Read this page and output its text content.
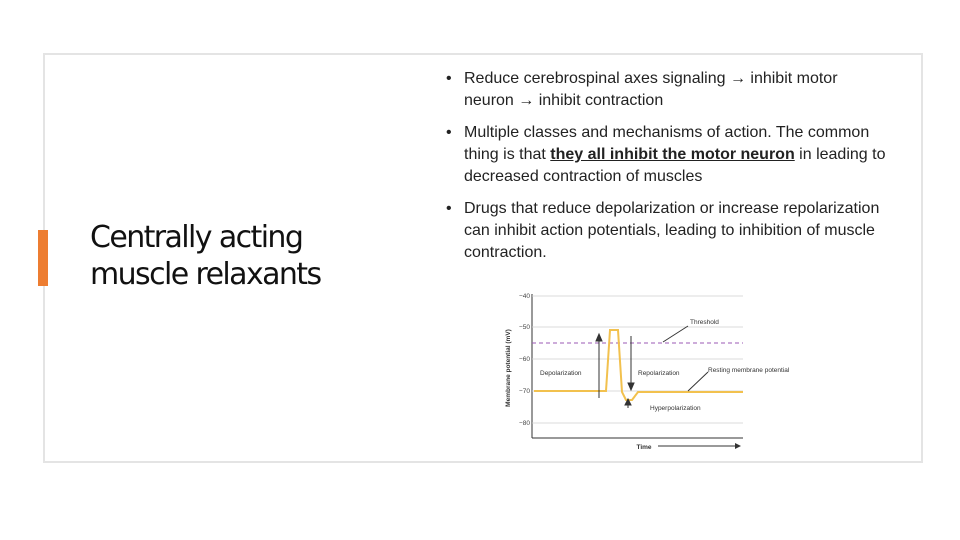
Centrally acting
muscle relaxants
• Reduce cerebrospinal axes signaling → inhibit motor neuron → inhibit contraction
• Multiple classes and mechanisms of action. The common thing is that they all inhibit the motor neuron in leading to decreased contraction of muscles
• Drugs that reduce depolarization or increase repolarization can inhibit action potentials, leading to inhibition of muscle contraction.
−40
−50
−60
−70
−80
Membrane potential (mV)
Threshold
Depolarization	Repolarization	Resting membrane potential
Hyperpolarization
Time
